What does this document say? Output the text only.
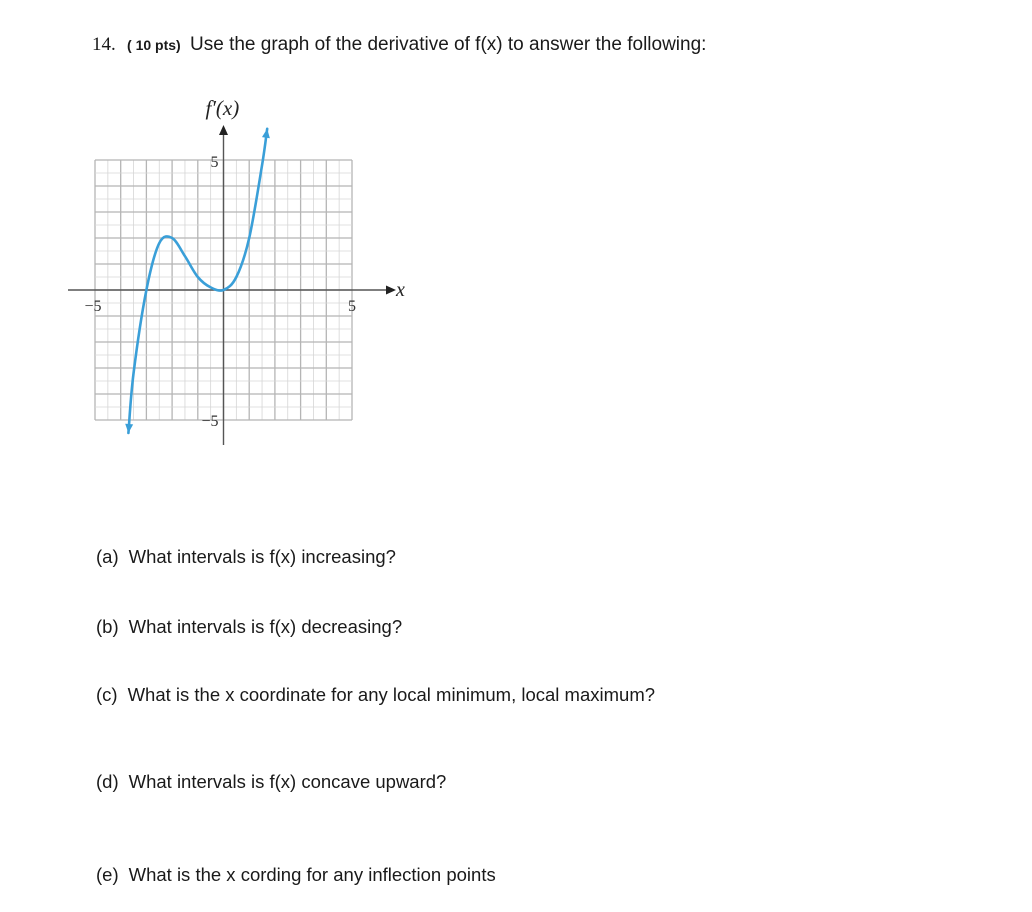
14. ( 10 pts) Use the graph of the derivative of f(x) to answer the following:
f′(x)
x
−5	5
5
−5
(a) What intervals is f(x) increasing?
(b) What intervals is f(x) decreasing?
(c) What is the x coordinate for any local minimum, local maximum?
(d) What intervals is f(x) concave upward?
(e) What is the x cording for any inflection points
